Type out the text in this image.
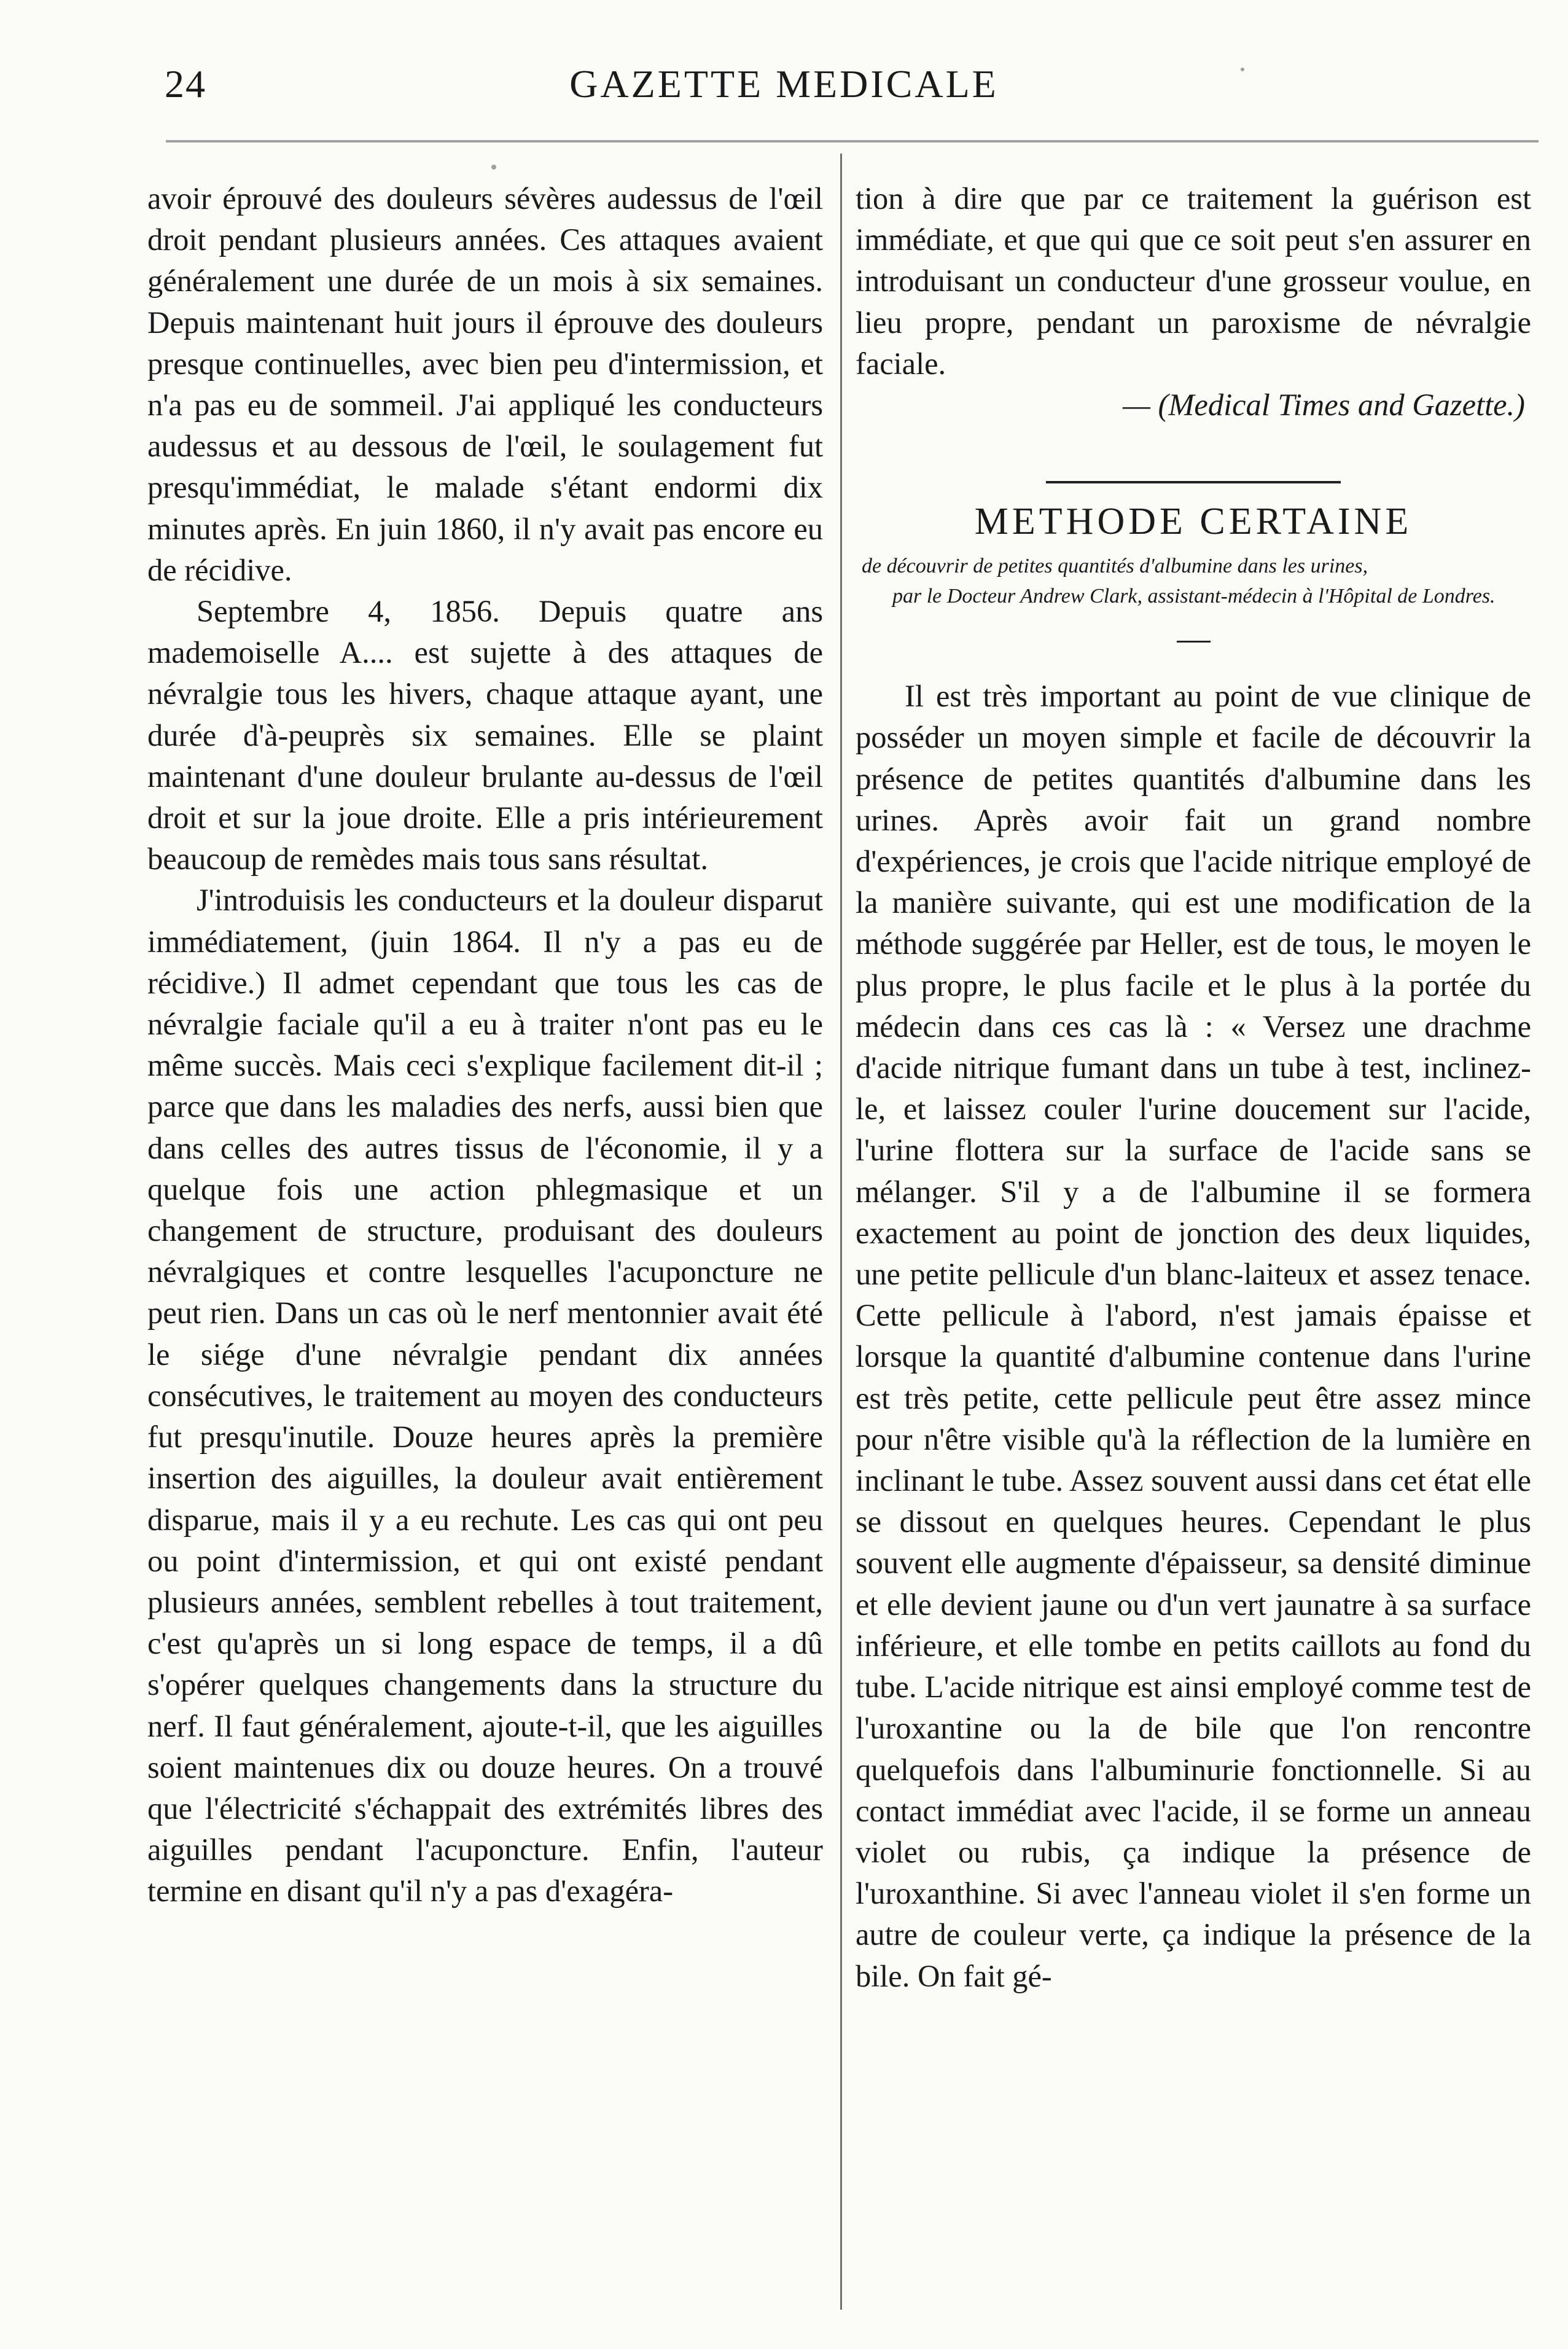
24	GAZETTE MEDICALE

avoir éprouvé des douleurs sévères audessus de l'œil droit pendant plusieurs années. Ces attaques avaient généralement une durée de un mois à six semaines. Depuis maintenant huit jours il éprouve des douleurs presque continuelles, avec bien peu d'intermission, et n'a pas eu de sommeil. J'ai appliqué les conducteurs audessus et au dessous de l'œil, le soulagement fut presqu'immédiat, le malade s'étant endormi dix minutes après. En juin 1860, il n'y avait pas encore eu de récidive.

Septembre 4, 1856. Depuis quatre ans mademoiselle A.... est sujette à des attaques de névralgie tous les hivers, chaque attaque ayant, une durée d'à-peuprès six semaines. Elle se plaint maintenant d'une douleur brulante au-dessus de l'œil droit et sur la joue droite. Elle a pris intérieurement beaucoup de remèdes mais tous sans résultat.

J'introduisis les conducteurs et la douleur disparut immédiatement, (juin 1864. Il n'y a pas eu de récidive.) Il admet cependant que tous les cas de névralgie faciale qu'il a eu à traiter n'ont pas eu le même succès. Mais ceci s'explique facilement dit-il ; parce que dans les maladies des nerfs, aussi bien que dans celles des autres tissus de l'économie, il y a quelque fois une action phlegmasique et un changement de structure, produisant des douleurs névralgiques et contre lesquelles l'acuponcture ne peut rien. Dans un cas où le nerf mentonnier avait été le siége d'une névralgie pendant dix années consécutives, le traitement au moyen des conducteurs fut presqu'inutile. Douze heures après la première insertion des aiguilles, la douleur avait entièrement disparue, mais il y a eu rechute. Les cas qui ont peu ou point d'intermission, et qui ont existé pendant plusieurs années, semblent rebelles à tout traitement, c'est qu'après un si long espace de temps, il a dû s'opérer quelques changements dans la structure du nerf. Il faut généralement, ajoute-t-il, que les aiguilles soient maintenues dix ou douze heures. On a trouvé que l'électricité s'échappait des extrémités libres des aiguilles pendant l'acuponcture. Enfin, l'auteur termine en disant qu'il n'y a pas d'exagéra-

tion à dire que par ce traitement la guérison est immédiate, et que qui que ce soit peut s'en assurer en introduisant un conducteur d'une grosseur voulue, en lieu propre, pendant un paroxisme de névralgie faciale.

— (Medical Times and Gazette.)

METHODE CERTAINE

de découvrir de petites quantités d'albumine dans les urines,
par le Docteur Andrew Clark, assistant-médecin à l'Hôpital de Londres.

Il est très important au point de vue clinique de posséder un moyen simple et facile de découvrir la présence de petites quantités d'albumine dans les urines. Après avoir fait un grand nombre d'expériences, je crois que l'acide nitrique employé de la manière suivante, qui est une modification de la méthode suggérée par Heller, est de tous, le moyen le plus propre, le plus facile et le plus à la portée du médecin dans ces cas là : « Versez une drachme d'acide nitrique fumant dans un tube à test, inclinez-le, et laissez couler l'urine doucement sur l'acide, l'urine flottera sur la surface de l'acide sans se mélanger. S'il y a de l'albumine il se formera exactement au point de jonction des deux liquides, une petite pellicule d'un blanc-laiteux et assez tenace. Cette pellicule à l'abord, n'est jamais épaisse et lorsque la quantité d'albumine contenue dans l'urine est très petite, cette pellicule peut être assez mince pour n'être visible qu'à la réflection de la lumière en inclinant le tube. Assez souvent aussi dans cet état elle se dissout en quelques heures. Cependant le plus souvent elle augmente d'épaisseur, sa densité diminue et elle devient jaune ou d'un vert jaunatre à sa surface inférieure, et elle tombe en petits caillots au fond du tube. L'acide nitrique est ainsi employé comme test de l'uroxantine ou la de bile que l'on rencontre quelquefois dans l'albuminurie fonctionnelle. Si au contact immédiat avec l'acide, il se forme un anneau violet ou rubis, ça indique la présence de l'uroxanthine. Si avec l'anneau violet il s'en forme un autre de couleur verte, ça indique la présence de la bile. On fait gé-
